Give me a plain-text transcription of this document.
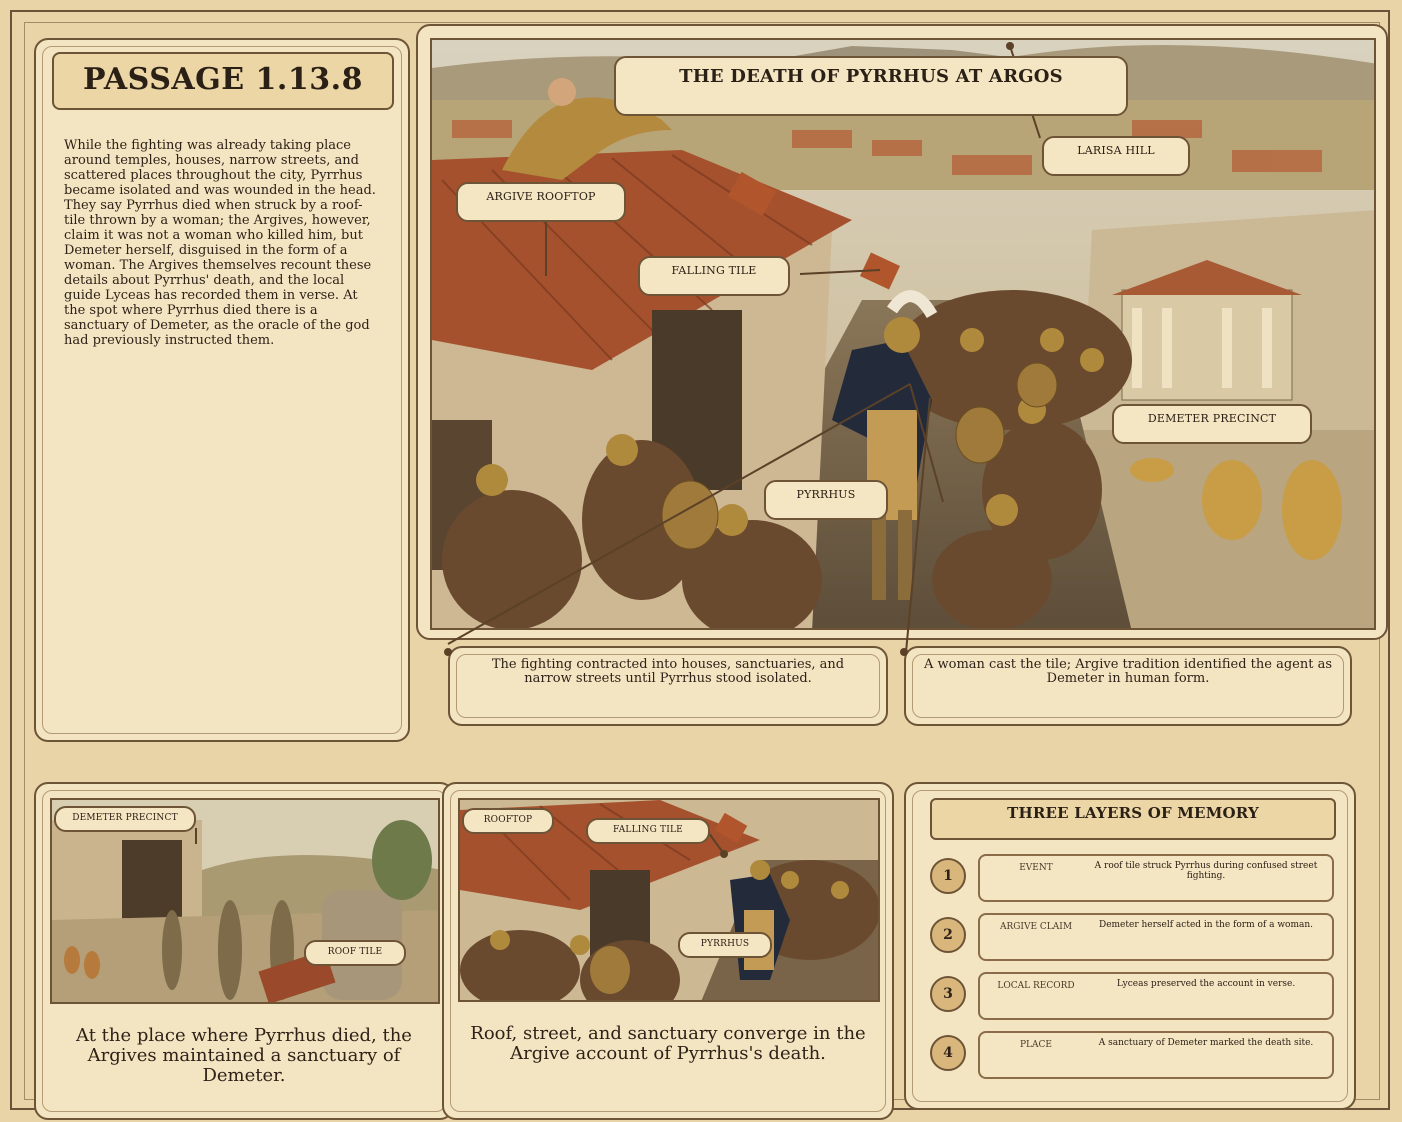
PASSAGE 1.13.8
While the fighting was already taking place around temples, houses, narrow streets, and scattered places throughout the city, Pyrrhus became isolated and was wounded in the head. They say Pyrrhus died when struck by a roof-tile thrown by a woman; the Argives, however, claim it was not a woman who killed him, but Demeter herself, disguised in the form of a woman. The Argives themselves recount these details about Pyrrhus' death, and the local guide Lyceas has recorded them in verse. At the spot where Pyrrhus died there is a sanctuary of Demeter, as the oracle of the god had previously instructed them.
THE DEATH OF PYRRHUS AT ARGOS
ARGIVE ROOFTOP
FALLING TILE
LARISA HILL
DEMETER PRECINCT
PYRRHUS
The fighting contracted into houses, sanctuaries, and narrow streets until Pyrrhus stood isolated.
A woman cast the tile; Argive tradition identified the agent as Demeter in human form.
DEMETER PRECINCT
ROOF TILE
At the place where Pyrrhus died, the Argives maintained a sanctuary of Demeter.
ROOFTOP
FALLING TILE
PYRRHUS
Roof, street, and sanctuary converge in the Argive account of Pyrrhus's death.
THREE LAYERS OF MEMORY
1	EVENT	A roof tile struck Pyrrhus during confused street fighting.
2	ARGIVE CLAIM	Demeter herself acted in the form of a woman.
3	LOCAL RECORD	Lyceas preserved the account in verse.
4	PLACE	A sanctuary of Demeter marked the death site.
